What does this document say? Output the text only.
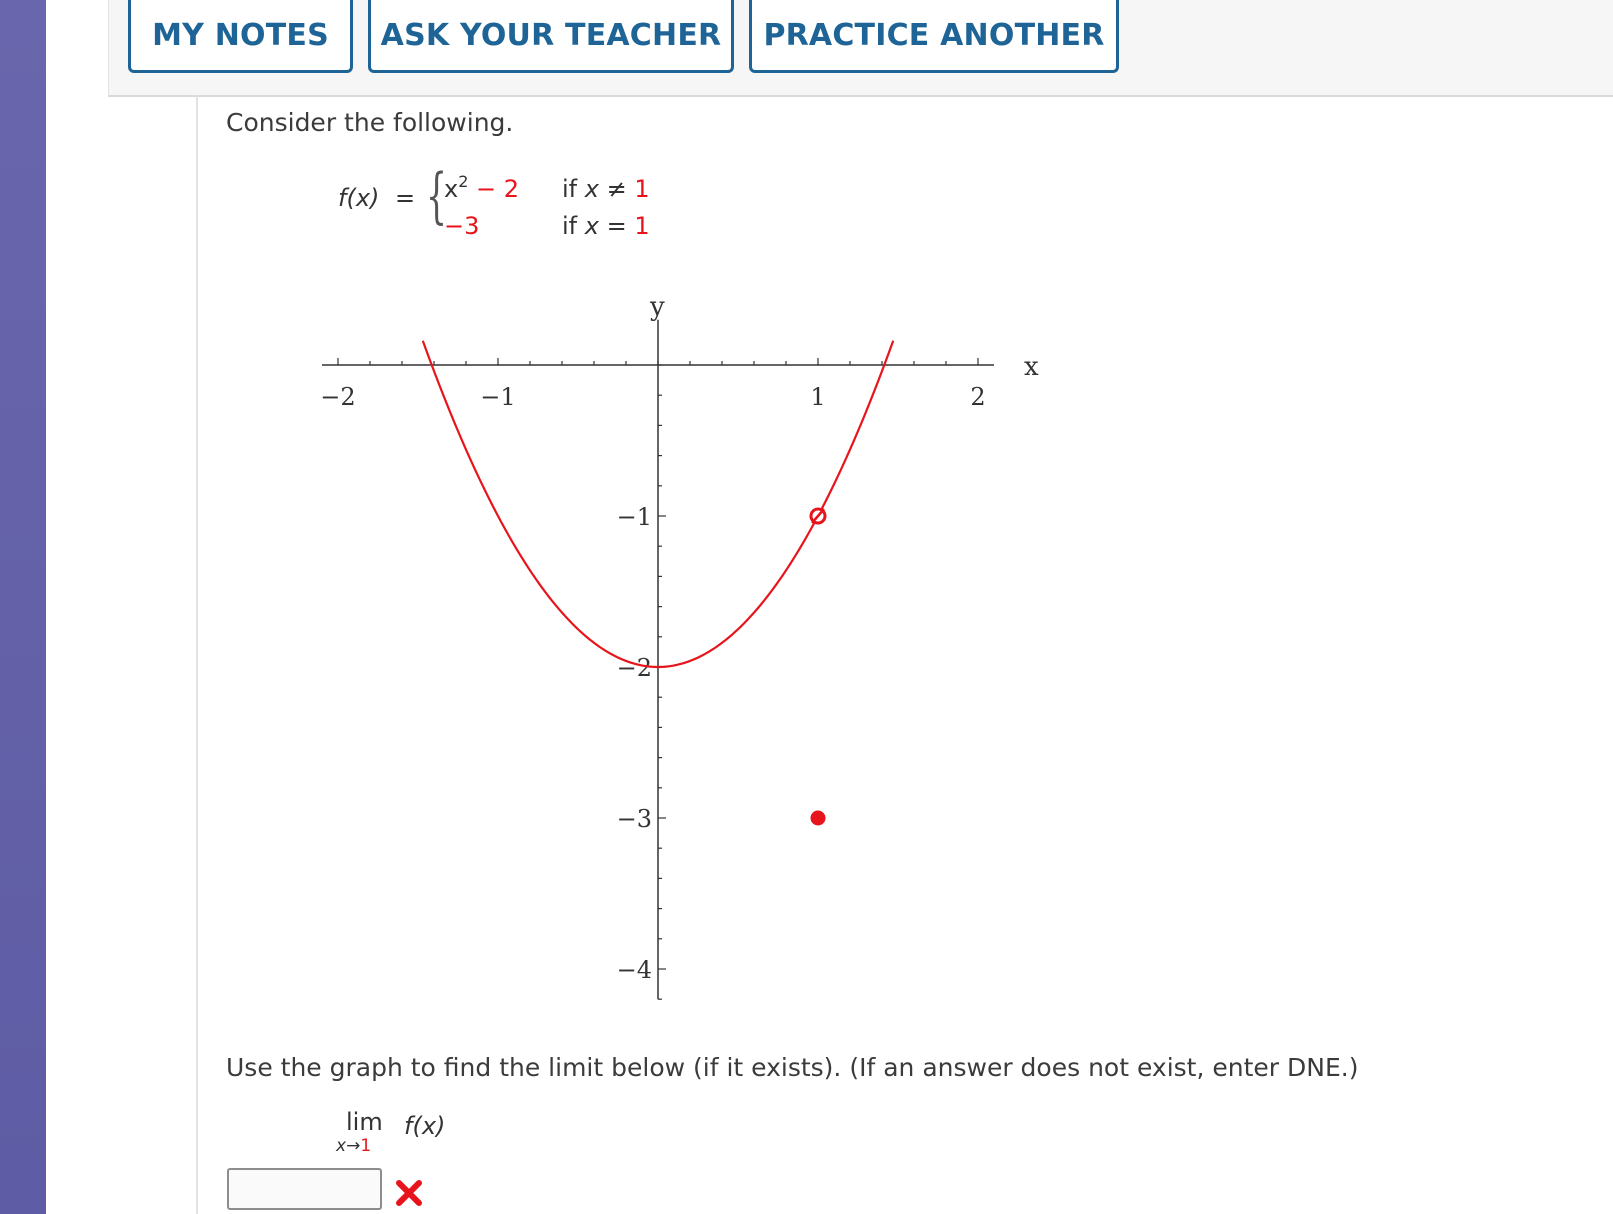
MY NOTES	ASK YOUR TEACHER	PRACTICE ANOTHER
Consider the following.
f(x) = {
$x^2 - 2$
−3
if x ≠ 1
if x = 1
−2	−1	1	2
−1
−2
−3
−4
x
y
Use the graph to find the limit below (if it exists). (If an answer does not exist, enter DNE.)
lim
x→1
f(x)
